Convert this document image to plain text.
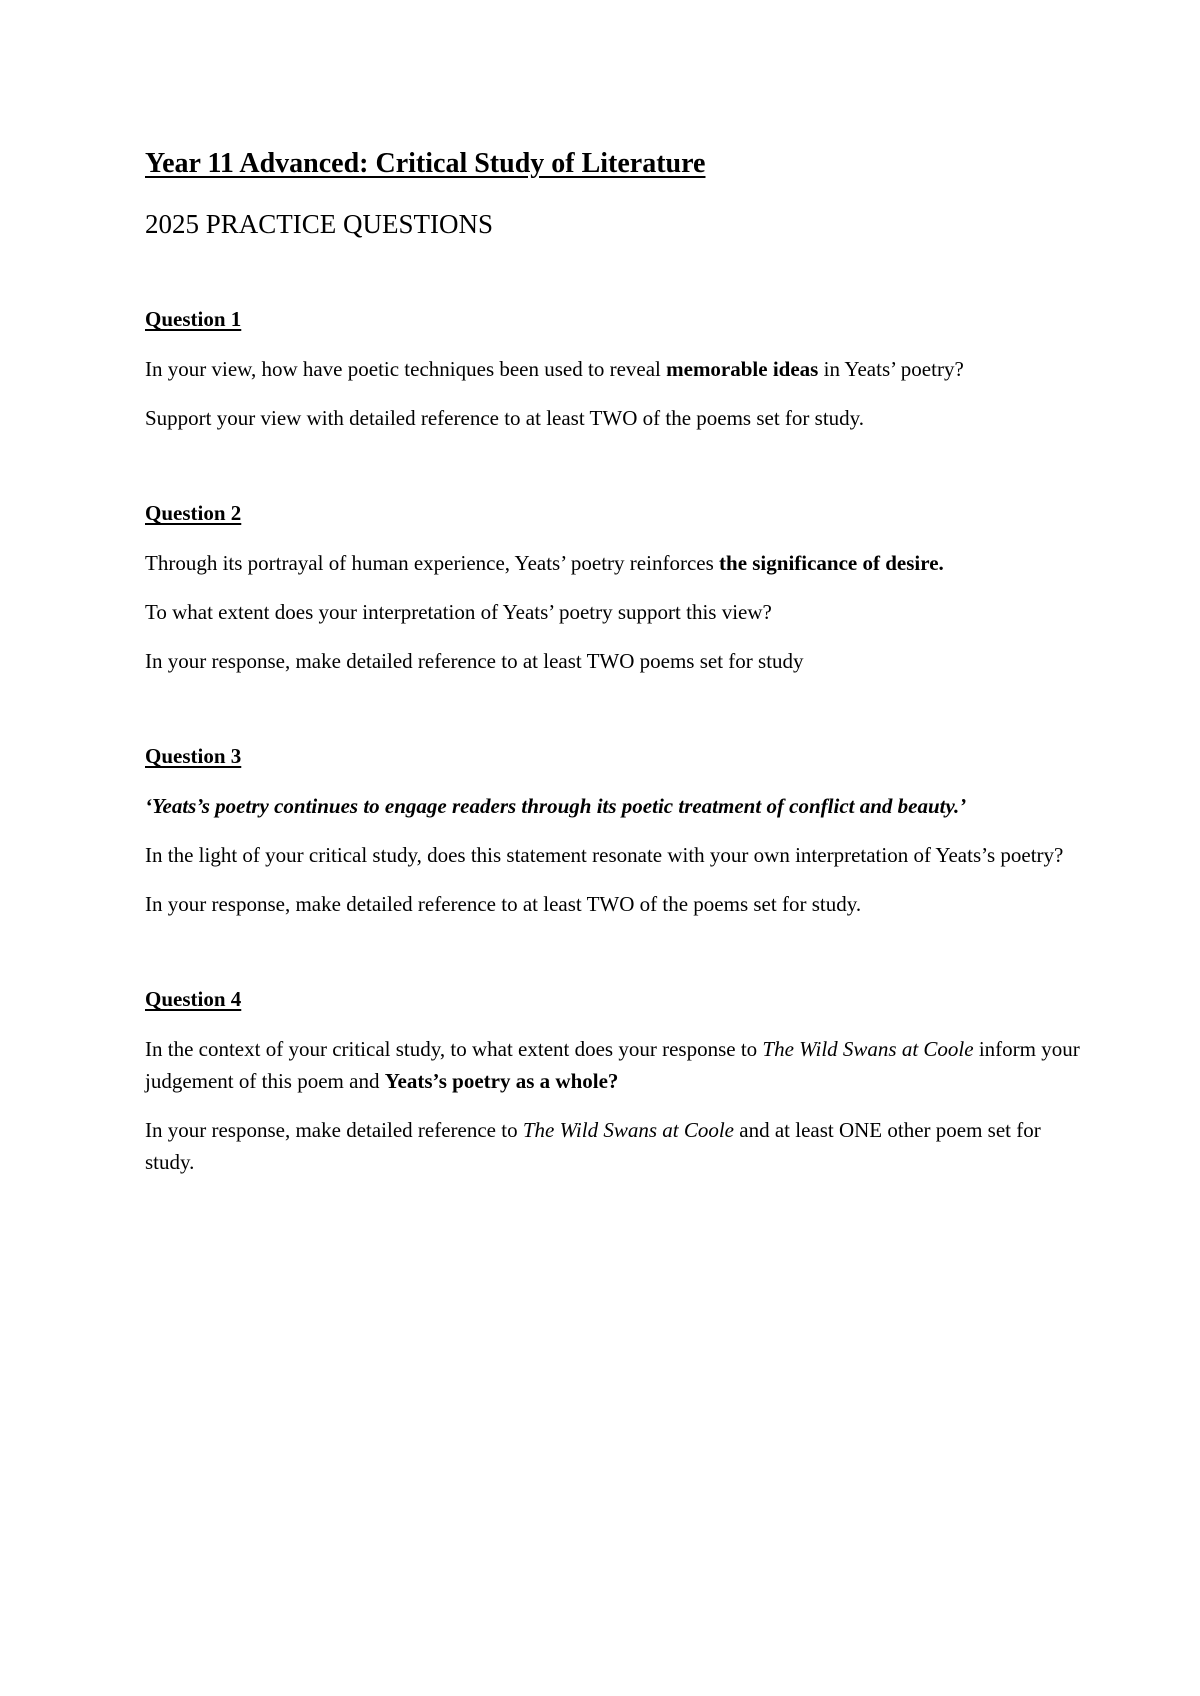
Year 11 Advanced: Critical Study of Literature

2025 PRACTICE QUESTIONS

Question 1

In your view, how have poetic techniques been used to reveal memorable ideas in Yeats’ poetry?

Support your view with detailed reference to at least TWO of the poems set for study.

Question 2

Through its portrayal of human experience, Yeats’ poetry reinforces the significance of desire.

To what extent does your interpretation of Yeats’ poetry support this view?

In your response, make detailed reference to at least TWO poems set for study

Question 3

‘Yeats’s poetry continues to engage readers through its poetic treatment of conflict and beauty.’

In the light of your critical study, does this statement resonate with your own interpretation of Yeats’s poetry?

In your response, make detailed reference to at least TWO of the poems set for study.

Question 4

In the context of your critical study, to what extent does your response to The Wild Swans at Coole inform your judgement of this poem and Yeats’s poetry as a whole?

In your response, make detailed reference to The Wild Swans at Coole and at least ONE other poem set for study.
